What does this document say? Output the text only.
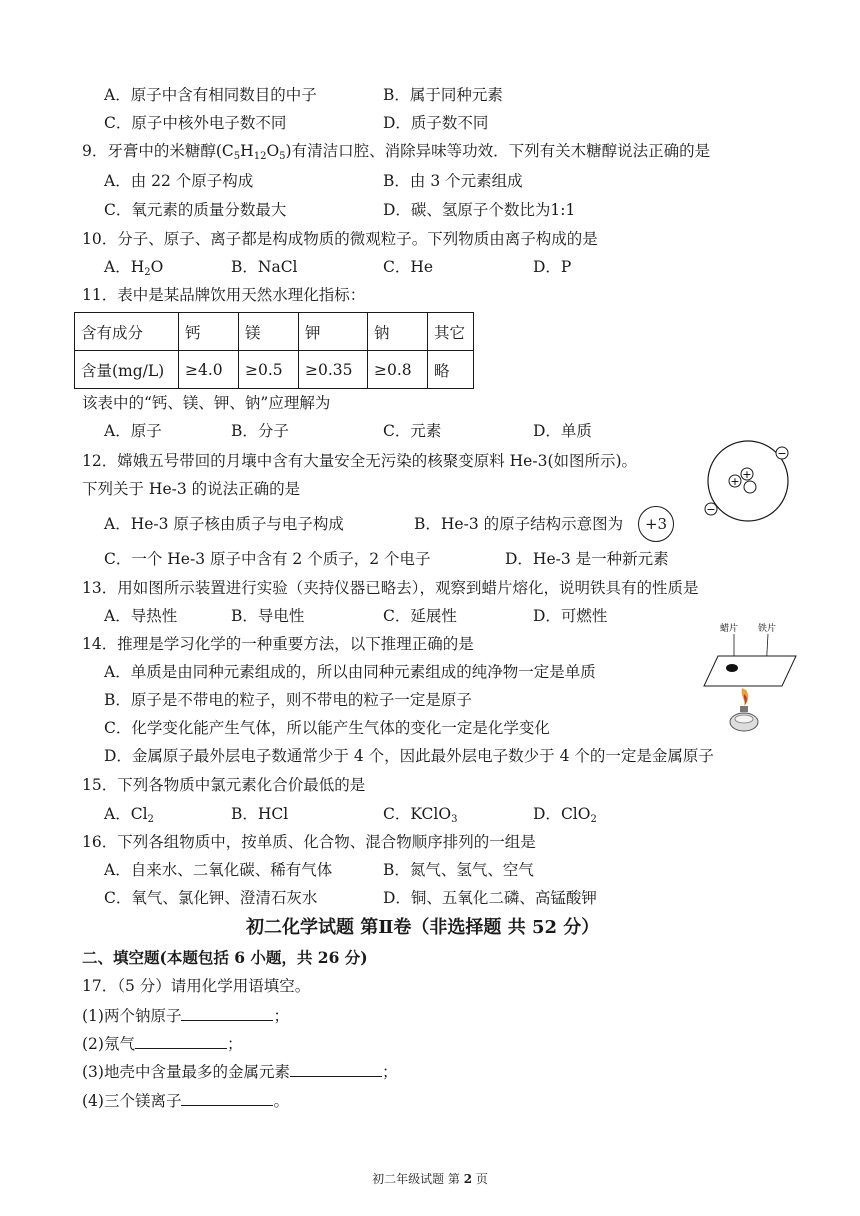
A．原子中含有相同数目的中子	B．属于同种元素
C．原子中核外电子数不同	D．质子数不同
9．牙膏中的米糖醇$(C_5H_{12}O_5)$有清洁口腔、消除异味等功效．下列有关木糖醇说法正确的是
A．由 22 个原子构成	B．由 3 个元素组成
C．氧元素的质量分数最大	D．碳、氢原子个数比为1:1
10．分子、原子、离子都是构成物质的微观粒子。下列物质由离子构成的是
A．$H_2O$	B．NaCl	C．He	D．P
11．表中是某品牌饮用天然水理化指标：
含有成分	钙	镁	钾	钠	其它
含量(mg/L)	≥4.0	≥0.5	≥0.35	≥0.8	略
该表中的“钙、镁、钾、钠”应理解为
A．原子	B．分子	C．元素	D．单质
12．嫦娥五号带回的月壤中含有大量安全无污染的核聚变原料 He-3(如图所示)。
下列关于 He-3 的说法正确的是	+
+
−
−
A．He-3 原子核由质子与电子构成	B．He-3 的原子结构示意图为	+3
C．一个 He-3 原子中含有 2 个质子，2 个电子	D．He-3 是一种新元素
13．用如图所示装置进行实验（夹持仪器已略去），观察到蜡片熔化，说明铁具有的性质是
A．导热性	B．导电性	C．延展性	D．可燃性
蜡片 铁片
14．推理是学习化学的一种重要方法，以下推理正确的是
A．单质是由同种元素组成的，所以由同种元素组成的纯净物一定是单质
B．原子是不带电的粒子，则不带电的粒子一定是原子
C．化学变化能产生气体，所以能产生气体的变化一定是化学变化
D．金属原子最外层电子数通常少于 4 个，因此最外层电子数少于 4 个的一定是金属原子
15．下列各物质中氯元素化合价最低的是
A．$Cl_2$	B．HCl	C．KClO$_3$	D．ClO$_2$
16．下列各组物质中，按单质、化合物、混合物顺序排列的一组是
A．自来水、二氧化碳、稀有气体	B．氮气、氢气、空气
C．氧气、氯化钾、澄清石灰水	D．铜、五氧化二磷、高锰酸钾
初二化学试题 第Ⅱ卷（非选择题 共 52 分）
二、填空题(本题包括 6 小题，共 26 分)
17．（5 分）请用化学用语填空。
(1)两个钠原子	；
(2)氖气	；
(3)地壳中含量最多的金属元素	；
(4)三个镁离子	。
初二年级试题 第 2 页
